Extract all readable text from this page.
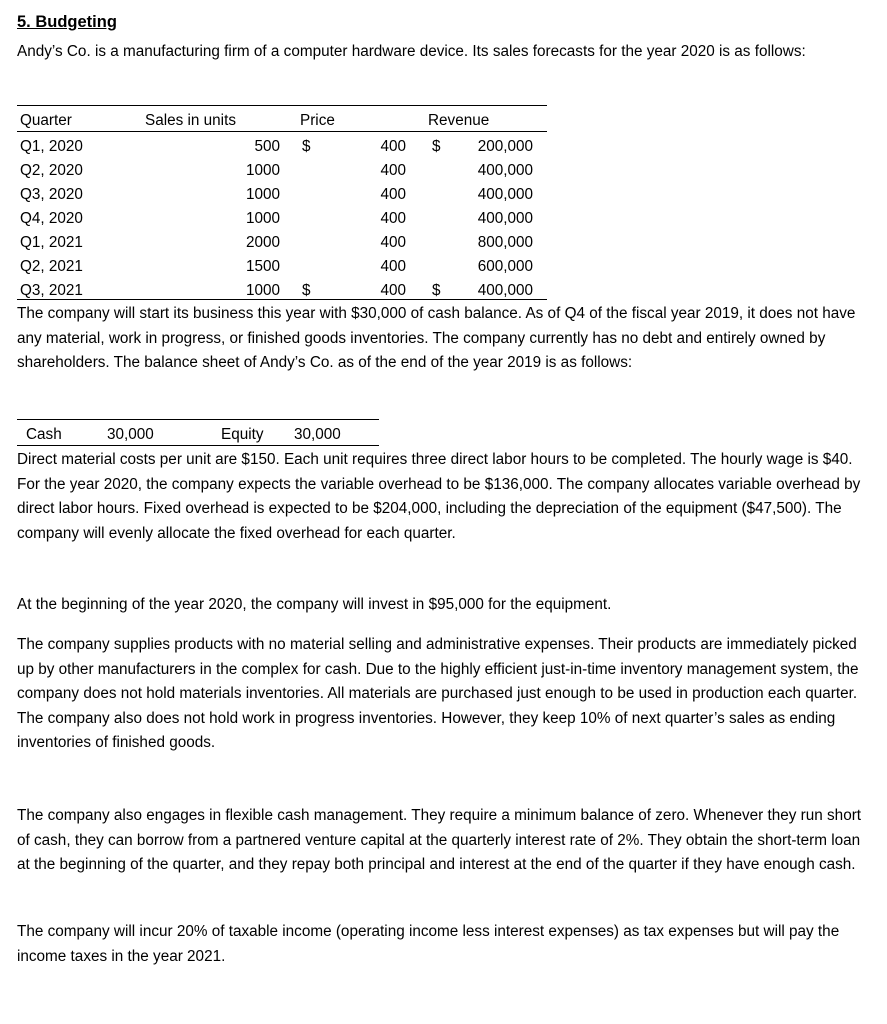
5. Budgeting
Andy’s Co. is a manufacturing firm of a computer hardware device. Its sales forecasts for the year 2020 is as follows:
Quarter	Sales in units	Price	Revenue
Q1, 2020	500 $	400 $	200,000
Q2, 2020	1000	400	400,000
Q3, 2020	1000	400	400,000
Q4, 2020	1000	400	400,000
Q1, 2021	2000	400	800,000
Q2, 2021	1500	400	600,000
Q3, 2021	1000 $	400 $	400,000
The company will start its business this year with $30,000 of cash balance. As of Q4 of the fiscal year 2019, it does not have any material, work in progress, or finished goods inventories. The company currently has no debt and entirely owned by shareholders. The balance sheet of Andy’s Co. as of the end of the year 2019 is as follows:
Cash	30,000	Equity 30,000
Direct material costs per unit are $150. Each unit requires three direct labor hours to be completed. The hourly wage is $40. For the year 2020, the company expects the variable overhead to be $136,000. The company allocates variable overhead by direct labor hours. Fixed overhead is expected to be $204,000, including the depreciation of the equipment ($47,500). The company will evenly allocate the fixed overhead for each quarter.
At the beginning of the year 2020, the company will invest in $95,000 for the equipment.
The company supplies products with no material selling and administrative expenses. Their products are immediately picked up by other manufacturers in the complex for cash. Due to the highly efficient just-in-time inventory management system, the company does not hold materials inventories. All materials are purchased just enough to be used in production each quarter. The company also does not hold work in progress inventories. However, they keep 10% of next quarter’s sales as ending inventories of finished goods.
The company also engages in flexible cash management. They require a minimum balance of zero. Whenever they run short of cash, they can borrow from a partnered venture capital at the quarterly interest rate of 2%. They obtain the short-term loan at the beginning of the quarter, and they repay both principal and interest at the end of the quarter if they have enough cash.
The company will incur 20% of taxable income (operating income less interest expenses) as tax expenses but will pay the income taxes in the year 2021.
